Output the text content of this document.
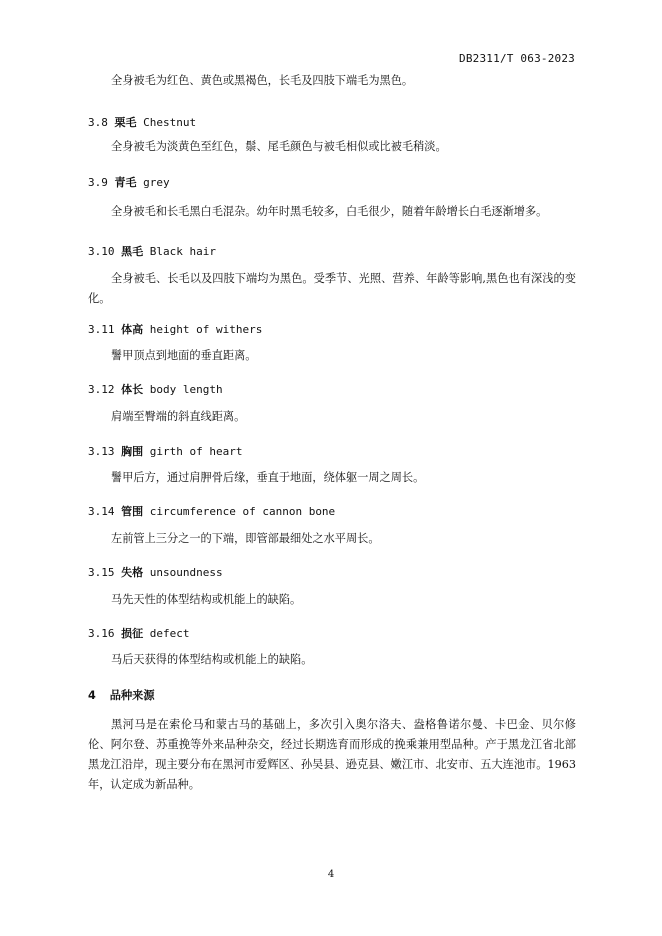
DB2311/T 063-2023

全身被毛为红色、黄色或黑褐色，长毛及四肢下端毛为黑色。

3.8 栗毛 Chestnut

全身被毛为淡黄色至红色，鬃、尾毛颜色与被毛相似或比被毛稍淡。

3.9 青毛 grey

全身被毛和长毛黑白毛混杂。幼年时黑毛较多，白毛很少，随着年龄增长白毛逐渐增多。

3.10 黑毛 Black hair

全身被毛、长毛以及四肢下端均为黑色。受季节、光照、营养、年龄等影响,黑色也有深浅的变化。

3.11 体高 height of withers

鬐甲顶点到地面的垂直距离。

3.12 体长 body length

肩端至臀端的斜直线距离。

3.13 胸围 girth of heart

鬐甲后方，通过肩胛骨后缘，垂直于地面，绕体躯一周之周长。

3.14 管围 circumference of cannon bone

左前管上三分之一的下端，即管部最细处之水平周长。

3.15 失格 unsoundness

马先天性的体型结构或机能上的缺陷。

3.16 损征 defect

马后天获得的体型结构或机能上的缺陷。

4 品种来源

黑河马是在索伦马和蒙古马的基础上，多次引入奥尔洛夫、盎格鲁诺尔曼、卡巴金、贝尔修伦、阿尔登、苏重挽等外来品种杂交，经过长期选育而形成的挽乘兼用型品种。产于黑龙江省北部黑龙江沿岸，现主要分布在黑河市爱辉区、孙吴县、逊克县、嫩江市、北安市、五大连池市。1963 年，认定成为新品种。

4
